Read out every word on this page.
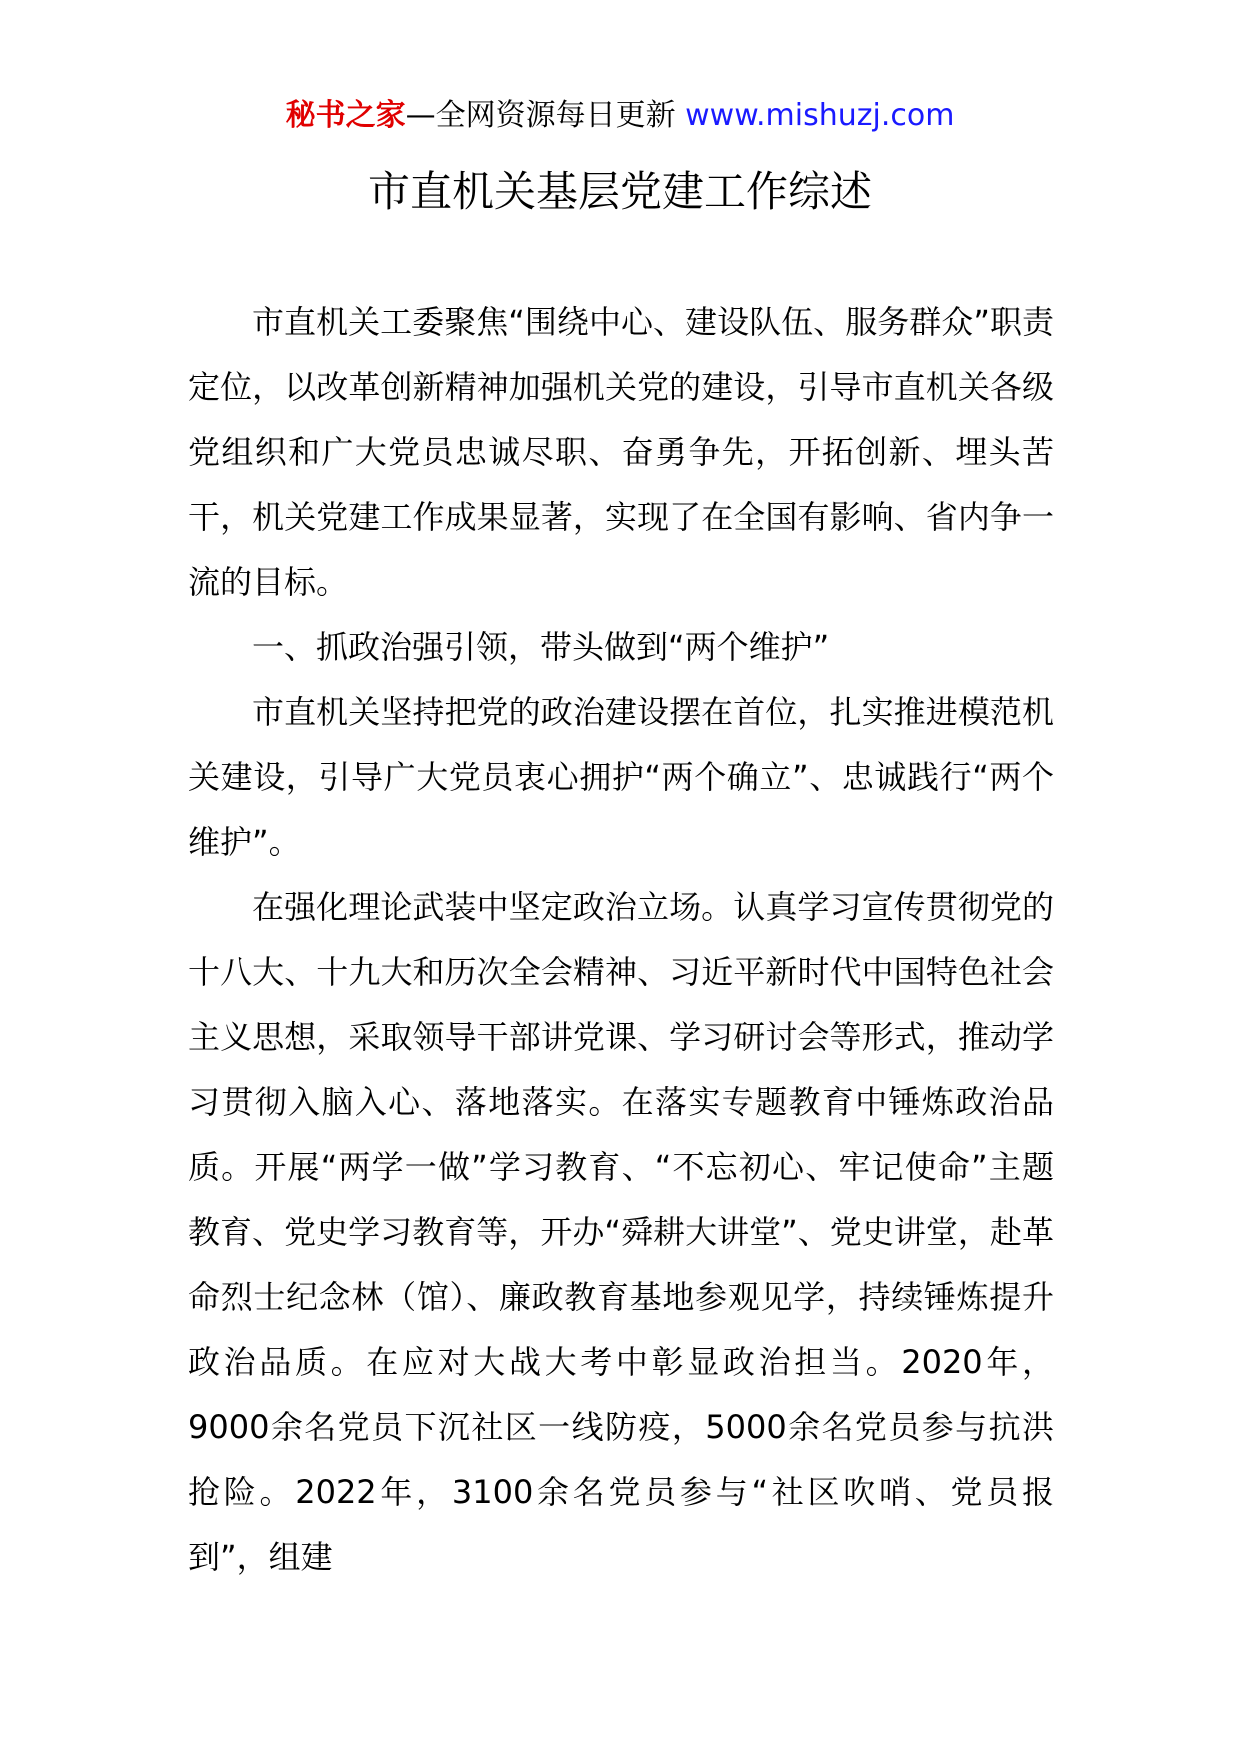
秘书之家—全网资源每日更新 www.mishuzj.com
市直机关基层党建工作综述

市直机关工委聚焦“围绕中心、建设队伍、服务群众”职责定位，以改革创新精神加强机关党的建设，引导市直机关各级党组织和广大党员忠诚尽职、奋勇争先，开拓创新、埋头苦干，机关党建工作成果显著，实现了在全国有影响、省内争一流的目标。

一、抓政治强引领，带头做到“两个维护”

市直机关坚持把党的政治建设摆在首位，扎实推进模范机关建设，引导广大党员衷心拥护“两个确立”、忠诚践行“两个维护”。

在强化理论武装中坚定政治立场。认真学习宣传贯彻党的十八大、十九大和历次全会精神、习近平新时代中国特色社会主义思想，采取领导干部讲党课、学习研讨会等形式，推动学习贯彻入脑入心、落地落实。在落实专题教育中锤炼政治品质。开展“两学一做”学习教育、“不忘初心、牢记使命”主题教育、党史学习教育等，开办“舜耕大讲堂”、党史讲堂，赴革命烈士纪念林（馆）、廉政教育基地参观见学，持续锤炼提升政治品质。在应对大战大考中彰显政治担当。2020年，9000余名党员下沉社区一线防疫，5000余名党员参与抗洪抢险。2022年，3100余名党员参与“社区吹哨、党员报到”，组建
